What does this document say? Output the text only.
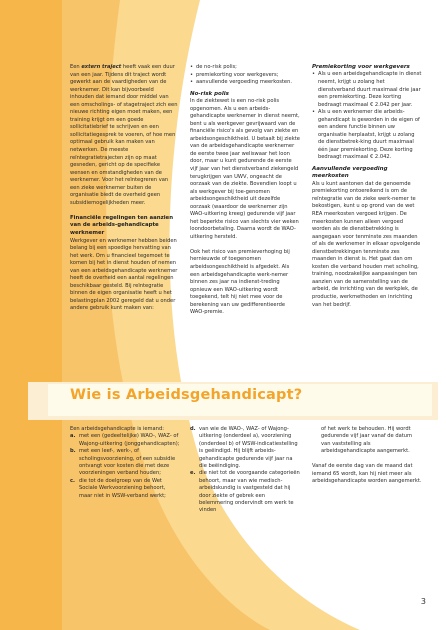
Een extern traject heeft vaak een duur van een jaar. Tijdens dit traject wordt gewerkt aan de vaardigheden van de werknemer. Dit kan bijvoorbeeld inhouden dat iemand door middel van een omscholings- of stagetraject zich een nieuwe richting eigen moet maken, een training krijgt om een goede sollicitatiebrief te schrijven en een sollicitatiegesprek te voeren, of hoe men optimaal gebruik kan maken van netwerken. De meeste reïntegratietrajecten zijn op maat gesneden, gericht op de specifieke wensen en omstandigheden van de werknemer. Voor het reïntegreren van een zieke werknemer buiten de organisatie biedt de overheid geen subsidiemogelijkheden meer.

Financiële regelingen ten aanzien van de arbeids-gehandicapte werknemer

Werkgever en werknemer hebben beiden belang bij een spoedige hervatting van het werk. Om u financieel tegemoet te komen bij het in dienst houden of nemen van een arbeidsgehandicapte werknemer heeft de overheid een aantal regelingen beschikbaar gesteld. Bij reïntegratie binnen de eigen organisatie heeft u het belastingplan 2002 geregeld dat u onder andere gebruik kunt maken van:

• de no-risk polis;
• premiekorting voor werkgevers;
• aanvullende vergoeding meerkosten.
No-risk polis

In de ziektewet is een no-risk polis opgenomen. Als u een arbeids-gehandicapte werknemer in dienst neemt, bent u als werkgever gevrijwaard van de financiële risico's als gevolg van ziekte en arbeidsongeschiktheid. U betaalt bij ziekte van de arbeidsgehandicapte werknemer de eerste twee jaar weliswaar het loon door, maar u kunt gedurende de eerste vijf jaar van het dienstverband ziekengeld terugkrijgen van UWV, ongeacht de oorzaak van de ziekte. Bovendien loopt u als werkgever bij toe-genomen arbeidsongeschiktheid uit dezelfde oorzaak (waardoor de werknemer zijn WAO-uitkering kreeg) gedurende vijf jaar het beperkte risico van slechts vier weken loondoorbetaling. Daarna wordt de WAO-uitkering hersteld.

Ook het risico van premieverhoging bij hernieuwde of toegenomen arbeidsongeschiktheid is afgedekt. Als een arbeidsgehandicapte werk-nemer binnen zes jaar na indienst-treding opnieuw een WAO-uitkering wordt toegekend, telt hij niet mee voor de berekening van uw gedifferentieerde WAO-premie.

Premiekorting voor werkgevers
• Als u een arbeidsgehandicapte in dienst neemt, krijgt u zolang het dienstverband duurt maximaal drie jaar een premiekorting. Deze korting bedraagt maximaal € 2.042 per jaar.
• Als u een werknemer die arbeids-gehandicapt is geworden in de eigen of een andere functie binnen uw organisatie herplaatst, krijgt u zolang de dienstbetrek-king duurt maximaal één jaar premiekorting. Deze korting bedraagt maximaal € 2.042.
Aanvullende vergoeding meerkosten

Als u kunt aantonen dat de genoemde premiekorting ontoereikend is om de reïntegratie van de zieke werk-nemer te bekostigen, kunt u op grond van de wet REA meerkosten vergoed krijgen. De meerkosten kunnen alleen vergoed worden als de dienstbetrekking is aangegaan voor tenminste zes maanden of als de werknemer in elkaar opvolgende dienstbetrekkingen tenminste zes maanden in dienst is. Het gaat dan om kosten die verband houden met scholing, training, noodzakelijke aanpassingen ten aanzien van de samenstelling van de arbeid, de inrichting van de werkplek, de productie, werkmethoden en inrichting van het bedrijf.

Wie is Arbeidsgehandicapt?

Een arbeidsgehandicapte is iemand:

a. met een (gedeeltelijke) WAO-, WAZ- of Wajong-uitkering (jonggehandicapten);
b. met een leef-, werk-, of scholingsvoorziening, of een subsidie ontvangt voor kosten die met deze voorzieningen verband houden;
c. die tot de doelgroep van de Wet Sociale Werkvoorziening behoort, maar niet in WSW-verband werkt;
d. van wie de WAO-, WAZ- of Wajong-uitkering (onderdeel a), voorziening (onderdeel b) of WSW-indicatiestelling is geëindigd. Hij blijft arbeids-gehandicapte gedurende vijf jaar na die beëindiging.
e. die niet tot de voorgaande categorieën behoort, maar van wie medisch-arbeidskundig is vastgesteld dat hij door ziekte of gebrek een belemmering ondervindt om werk te vinden

of het werk te behouden. Hij wordt gedurende vijf jaar vanaf de datum van vaststelling als arbeidsgehandicapte aangemerkt.

Vanaf de eerste dag van de maand dat iemand 65 wordt, kan hij niet meer als arbeidsgehandicapte worden aangemerkt.

3
